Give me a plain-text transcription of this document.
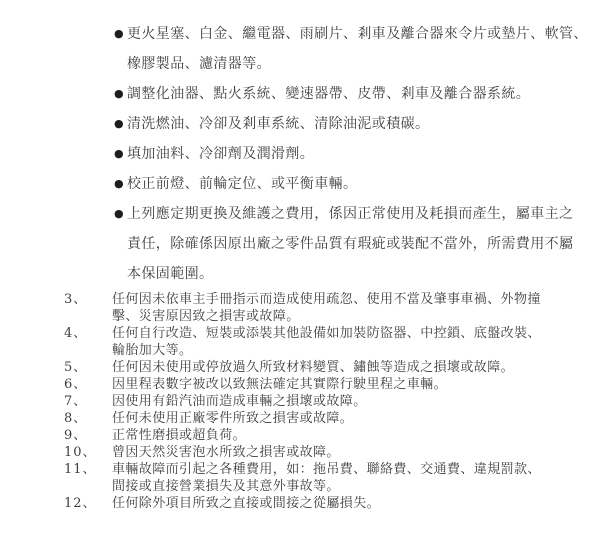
● 更火星塞、白金、繼電器、雨刷片、剎車及離合器來令片或墊片、軟管、
橡膠製品、濾清器等。
● 調整化油器、點火系統、變速器帶、皮帶、剎車及離合器系統。
● 清洗燃油、冷卻及剎車系統、清除油泥或積碳。
● 填加油料、冷卻劑及潤滑劑。
● 校正前燈、前輪定位、或平衡車輛。
● 上列應定期更換及維護之費用，係因正常使用及耗損而產生，屬車主之
責任，除確係因原出廠之零件品質有瑕疵或裝配不當外，所需費用不屬
本保固範圍。
3、 任何因未依車主手冊指示而造成使用疏忽、使用不當及肇事車禍、外物撞
擊、災害原因致之損害或故障。
4、 任何自行改造、短裝或添裝其他設備如加裝防盜器、中控鎖、底盤改裝、
輪胎加大等。
5、 任何因未使用或停放過久所致材料變質、鏽蝕等造成之損壞或故障。
6、 因里程表數字被改以致無法確定其實際行駛里程之車輛。
7、 因使用有鉛汽油而造成車輛之損壞或故障。
8、 任何未使用正廠零件所致之損害或故障。
9、 正常性磨損或超負荷。
10、 曾因天然災害泡水所致之損害或故障。
11、 車輛故障而引起之各種費用，如：拖吊費、聯絡費、交通費、違規罰款、
間接或直接營業損失及其意外事故等。
12、 任何除外項目所致之直接或間接之從屬損失。
